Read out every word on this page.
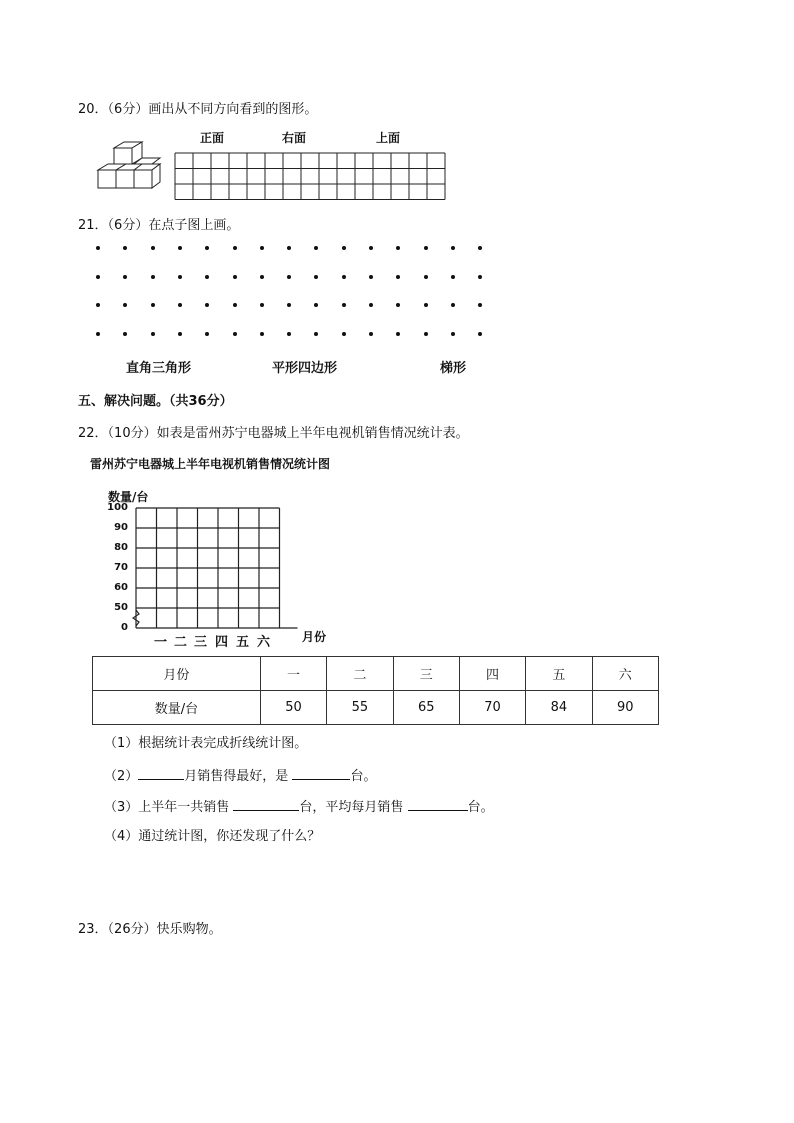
20．（6分）画出从不同方向看到的图形。
正面	右面	上面
21．（6分）在点子图上画。
直角三角形	平形四边形	梯形
五、解决问题。（共36分）
22．（10分）如表是雷州苏宁电器城上半年电视机销售情况统计表。
雷州苏宁电器城上半年电视机销售情况统计图
数量/台
100
90
80
70
60
50
0
一 二 三 四 五 六	月份
月份	一	二	三	四	五	六
数量/台	50	55	65	70	84	90
（1）根据统计表完成折线统计图。
（2）	月销售得最好，是	台。
（3）上半年一共销售	台，平均每月销售	台。
（4）通过统计图，你还发现了什么？
23．（26分）快乐购物。
